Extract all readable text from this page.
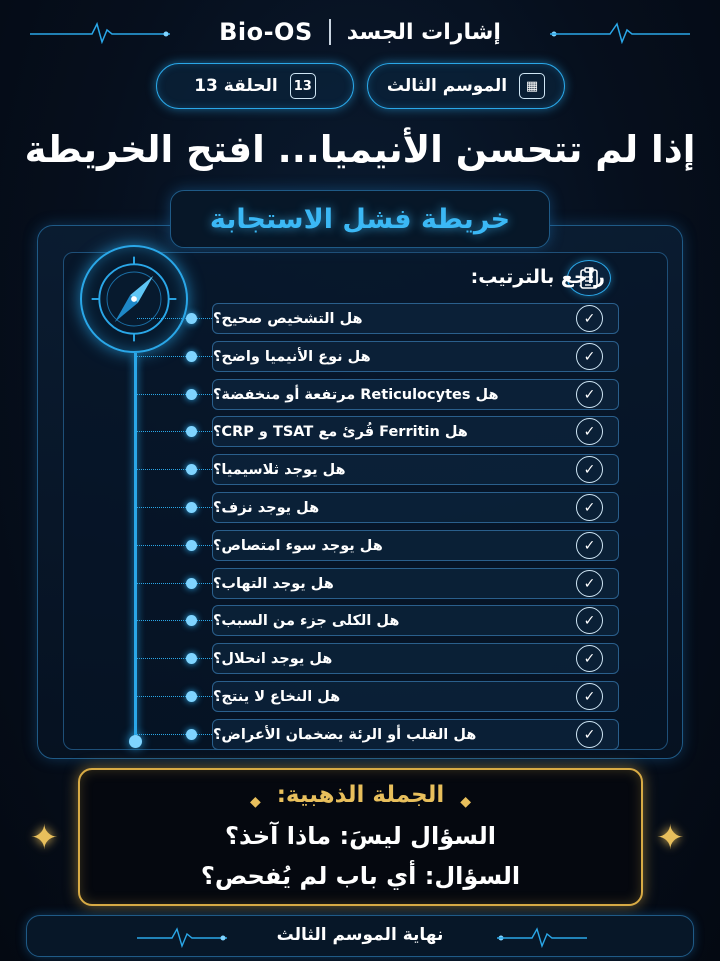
Bio-OS إشارات الجسد
الموسم الثالث	▦
الحلقة 13	13
إذا لم تتحسن الأنيميا... افتح الخريطة
خريطة فشل الاستجابة
راجع بالترتيب:
هل التشخيص صحيح؟	✓
هل نوع الأنيميا واضح؟	✓
هل Reticulocytes مرتفعة أو منخفضة؟	✓
هل Ferritin قُرئ مع TSAT و CRP؟	✓
هل يوجد ثلاسيميا؟	✓
هل يوجد نزف؟	✓
هل يوجد سوء امتصاص؟	✓
هل يوجد التهاب؟	✓
هل الكلى جزء من السبب؟	✓
هل يوجد انحلال؟	✓
هل النخاع لا ينتج؟	✓
هل القلب أو الرئة يضخمان الأعراض؟	✓
✦	✦
◆	◆
الجملة الذهبية:
السؤال ليسَ: ماذا آخذ؟
السؤال: أي باب لم يُفحص؟
نهاية الموسم الثالث
